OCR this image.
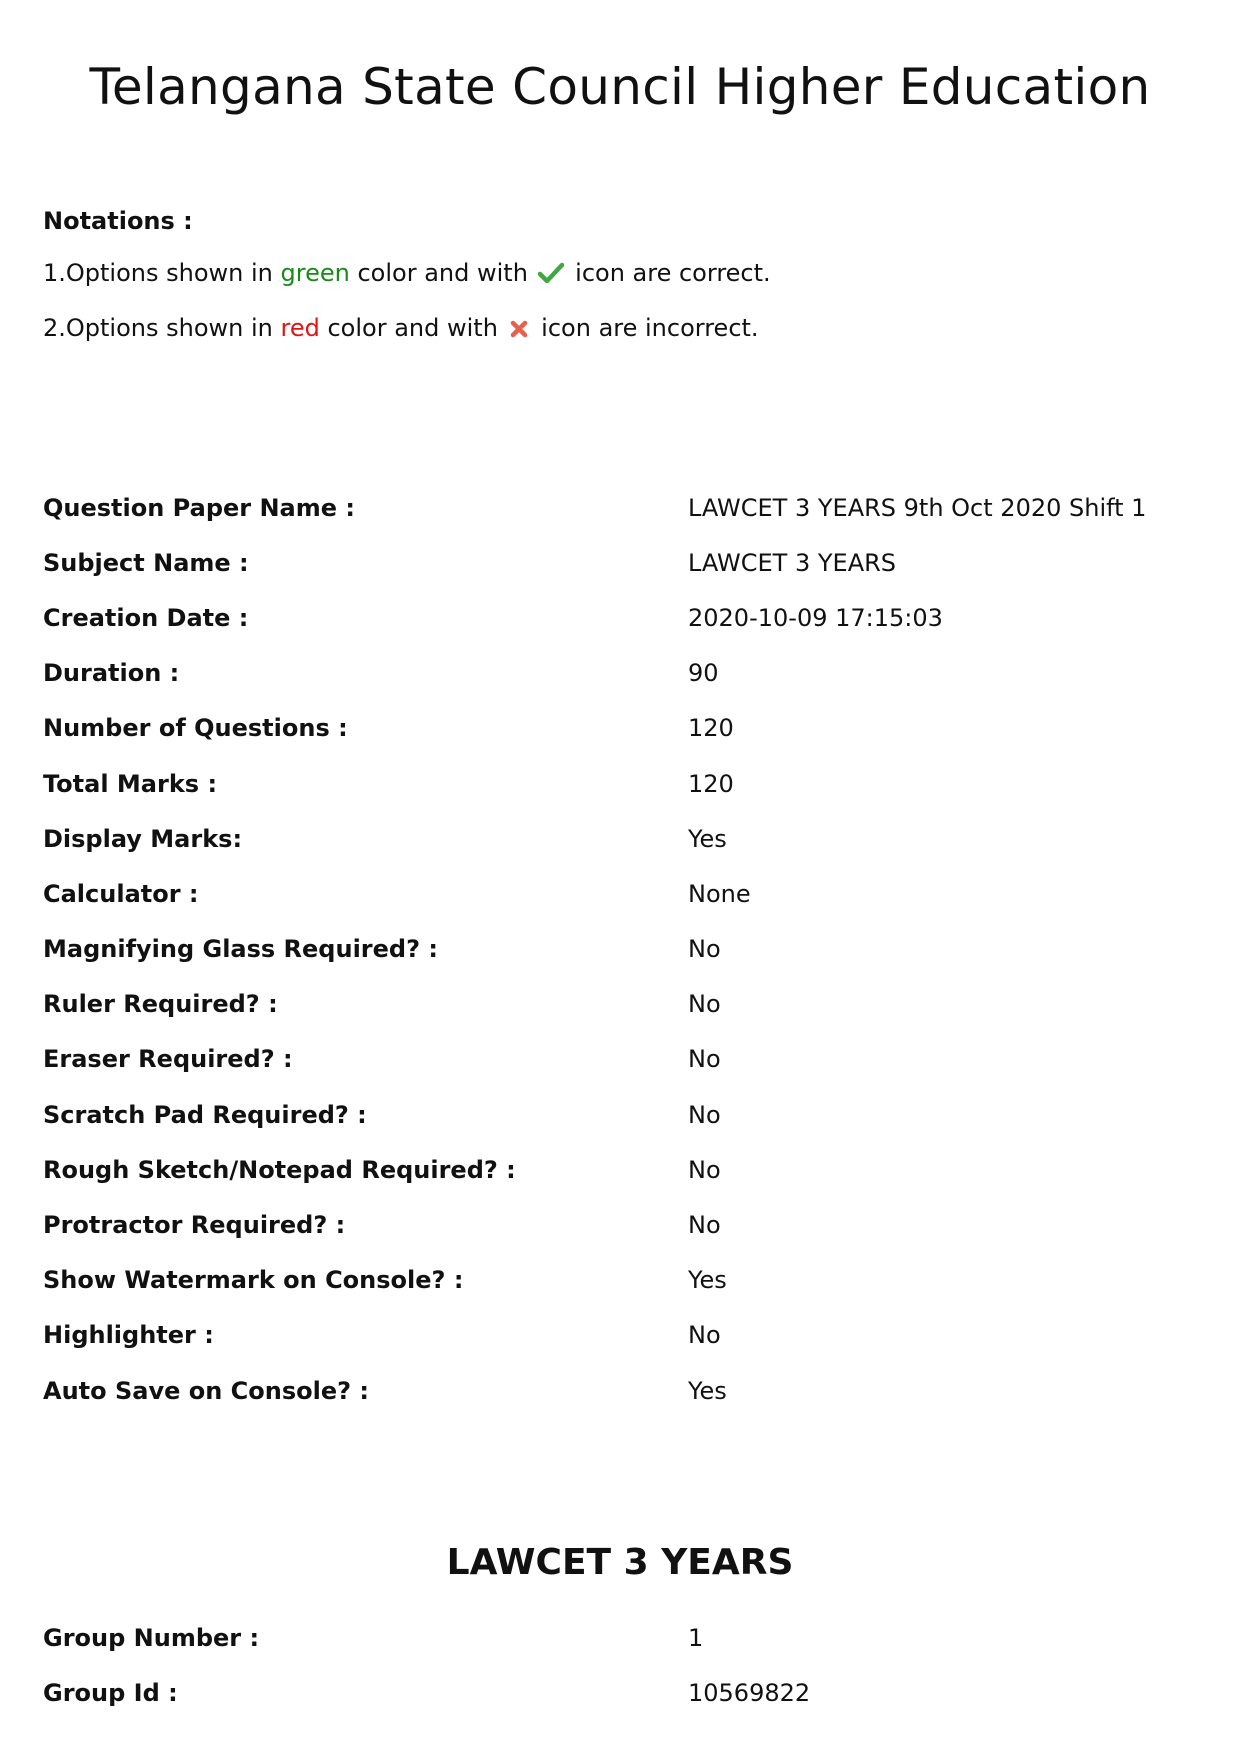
Telangana State Council Higher Education
Notations :
1.Options shown in green color and with  icon are correct.
2.Options shown in red color and with  icon are incorrect.
Question Paper Name :	LAWCET 3 YEARS 9th Oct 2020 Shift 1
Subject Name :	LAWCET 3 YEARS
Creation Date :	2020-10-09 17:15:03
Duration :	90
Number of Questions :	120
Total Marks :	120
Display Marks:	Yes
Calculator :	None
Magnifying Glass Required? :	No
Ruler Required? :	No
Eraser Required? :	No
Scratch Pad Required? :	No
Rough Sketch/Notepad Required? :	No
Protractor Required? :	No
Show Watermark on Console? :	Yes
Highlighter :	No
Auto Save on Console? :	Yes
LAWCET 3 YEARS
Group Number :	1
Group Id :	10569822
